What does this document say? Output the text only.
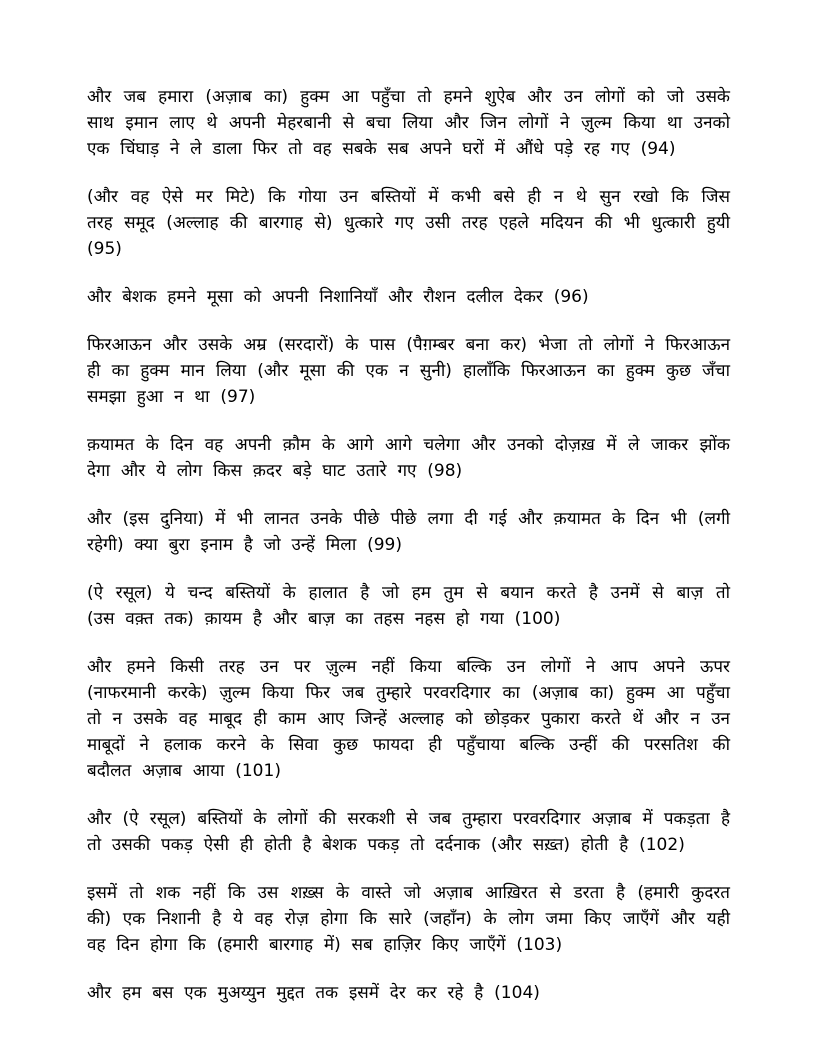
और जब हमारा (अज़ाब का) हुक्म आ पहुँचा तो हमने शुऐब और उन लोगों को जो उसके साथ इमान लाए थे अपनी मेहरबानी से बचा लिया और जिन लोगों ने ज़ुल्म किया था उनको एक चिंघाड़ ने ले डाला फिर तो वह सबके सब अपने घरों में औंधे पड़े रह गए (94)

(और वह ऐसे मर मिटे) कि गोया उन बस्तियों में कभी बसे ही न थे सुन रखो कि जिस तरह समूद (अल्लाह की बारगाह से) धुत्कारे गए उसी तरह एहले मदियन की भी धुत्कारी हुयी (95)

और बेशक हमने मूसा को अपनी निशानियाँ और रौशन दलील देकर (96)

फिरआऊन और उसके अम्र (सरदारों) के पास (पैग़म्बर बना कर) भेजा तो लोगों ने फिरआऊन ही का हुक्म मान लिया (और मूसा की एक न सुनी) हालाँकि फिरआऊन का हुक्म कुछ जँचा समझा हुआ न था (97)

क़यामत के दिन वह अपनी क़ौम के आगे आगे चलेगा और उनको दोज़ख़ में ले जाकर झोंक देगा और ये लोग किस क़दर बड़े घाट उतारे गए (98)

और (इस दुनिया) में भी लानत उनके पीछे पीछे लगा दी गई और क़यामत के दिन भी (लगी रहेगी) क्या बुरा इनाम है जो उन्हें मिला (99)

(ऐ रसूल) ये चन्द बस्तियों के हालात है जो हम तुम से बयान करते है उनमें से बाज़ तो (उस वक़्त तक) क़ायम है और बाज़ का तहस नहस हो गया (100)

और हमने किसी तरह उन पर ज़ुल्म नहीं किया बल्कि उन लोगों ने आप अपने ऊपर (नाफरमानी करके) ज़ुल्म किया फिर जब तुम्हारे परवरदिगार का (अज़ाब का) हुक्म आ पहुँचा तो न उसके वह माबूद ही काम आए जिन्हें अल्लाह को छोड़कर पुकारा करते थें और न उन माबूदों ने हलाक करने के सिवा कुछ फायदा ही पहुँचाया बल्कि उन्हीं की परसतिश की बदौलत अज़ाब आया (101)

और (ऐ रसूल) बस्तियों के लोगों की सरकशी से जब तुम्हारा परवरदिगार अज़ाब में पकड़ता है तो उसकी पकड़ ऐसी ही होती है बेशक पकड़ तो दर्दनाक (और सख़्त) होती है (102)

इसमें तो शक नहीं कि उस शख़्स के वास्ते जो अज़ाब आख़िरत से डरता है (हमारी कुदरत की) एक निशानी है ये वह रोज़ होगा कि सारे (जहाँन) के लोग जमा किए जाएँगें और यही वह दिन होगा कि (हमारी बारगाह में) सब हाज़िर किए जाएँगें (103)

और हम बस एक मुअय्युन मुद्दत तक इसमें देर कर रहे है (104)
